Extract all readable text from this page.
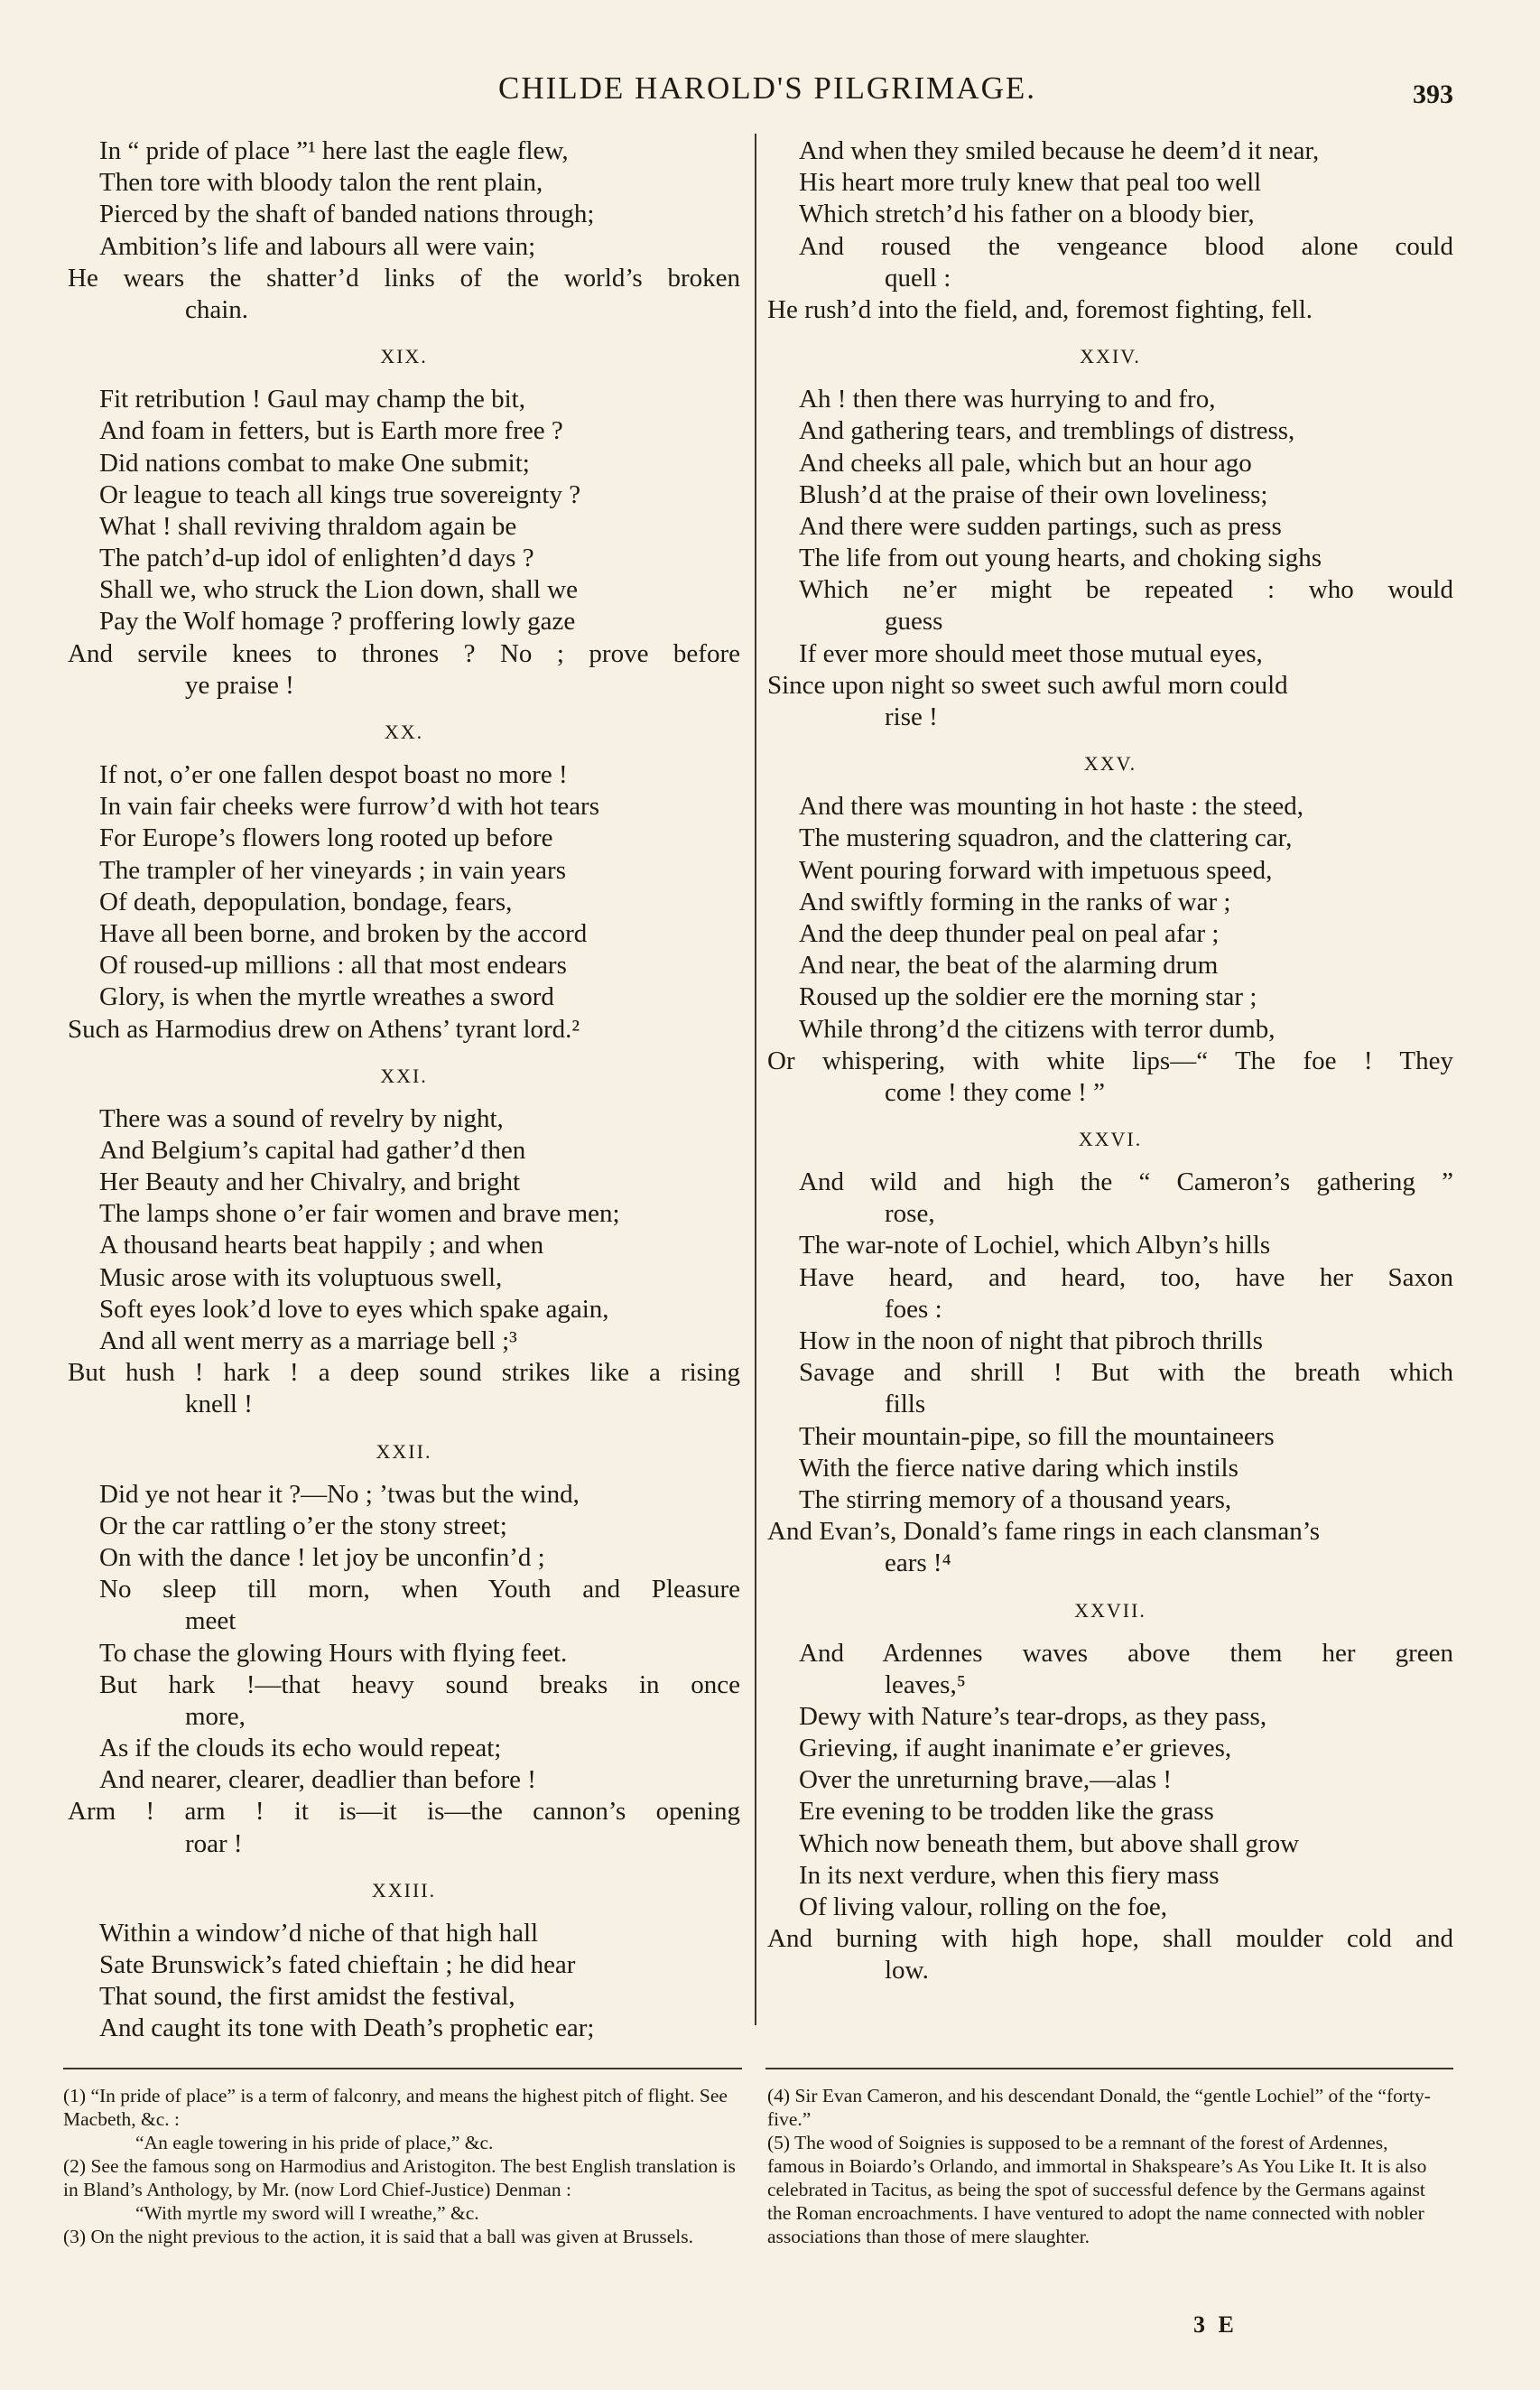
CHILDE HAROLD'S PILGRIMAGE.	393
In “ pride of place ”¹ here last the eagle flew,
Then tore with bloody talon the rent plain,
Pierced by the shaft of banded nations through;
Ambition’s life and labours all were vain;
He wears the shatter’d links of the world’s broken
chain.
XIX.
Fit retribution ! Gaul may champ the bit,
And foam in fetters, but is Earth more free ?
Did nations combat to make One submit;
Or league to teach all kings true sovereignty ?
What ! shall reviving thraldom again be
The patch’d-up idol of enlighten’d days ?
Shall we, who struck the Lion down, shall we
Pay the Wolf homage ? proffering lowly gaze
And servile knees to thrones ? No ; prove before
ye praise !
XX.
If not, o’er one fallen despot boast no more !
In vain fair cheeks were furrow’d with hot tears
For Europe’s flowers long rooted up before
The trampler of her vineyards ; in vain years
Of death, depopulation, bondage, fears,
Have all been borne, and broken by the accord
Of roused-up millions : all that most endears
Glory, is when the myrtle wreathes a sword
Such as Harmodius drew on Athens’ tyrant lord.²
XXI.
There was a sound of revelry by night,
And Belgium’s capital had gather’d then
Her Beauty and her Chivalry, and bright
The lamps shone o’er fair women and brave men;
A thousand hearts beat happily ; and when
Music arose with its voluptuous swell,
Soft eyes look’d love to eyes which spake again,
And all went merry as a marriage bell ;³
But hush ! hark ! a deep sound strikes like a rising
knell !
XXII.
Did ye not hear it ?—No ; ’twas but the wind,
Or the car rattling o’er the stony street;
On with the dance ! let joy be unconfin’d ;
No sleep till morn, when Youth and Pleasure
meet
To chase the glowing Hours with flying feet.
But hark !—that heavy sound breaks in once
more,
As if the clouds its echo would repeat;
And nearer, clearer, deadlier than before !
Arm ! arm ! it is—it is—the cannon’s opening
roar !
XXIII.
Within a window’d niche of that high hall
Sate Brunswick’s fated chieftain ; he did hear
That sound, the first amidst the festival,
And caught its tone with Death’s prophetic ear;
And when they smiled because he deem’d it near,
His heart more truly knew that peal too well
Which stretch’d his father on a bloody bier,
And roused the vengeance blood alone could
quell :
He rush’d into the field, and, foremost fighting, fell.
XXIV.
Ah ! then there was hurrying to and fro,
And gathering tears, and tremblings of distress,
And cheeks all pale, which but an hour ago
Blush’d at the praise of their own loveliness;
And there were sudden partings, such as press
The life from out young hearts, and choking sighs
Which ne’er might be repeated : who would
guess
If ever more should meet those mutual eyes,
Since upon night so sweet such awful morn could
rise !
XXV.
And there was mounting in hot haste : the steed,
The mustering squadron, and the clattering car,
Went pouring forward with impetuous speed,
And swiftly forming in the ranks of war ;
And the deep thunder peal on peal afar ;
And near, the beat of the alarming drum
Roused up the soldier ere the morning star ;
While throng’d the citizens with terror dumb,
Or whispering, with white lips—“ The foe ! They
come ! they come ! ”
XXVI.
And wild and high the “ Cameron’s gathering ”
rose,
The war-note of Lochiel, which Albyn’s hills
Have heard, and heard, too, have her Saxon
foes :
How in the noon of night that pibroch thrills
Savage and shrill ! But with the breath which
fills
Their mountain-pipe, so fill the mountaineers
With the fierce native daring which instils
The stirring memory of a thousand years,
And Evan’s, Donald’s fame rings in each clansman’s
ears !⁴
XXVII.
And Ardennes waves above them her green
leaves,⁵
Dewy with Nature’s tear-drops, as they pass,
Grieving, if aught inanimate e’er grieves,
Over the unreturning brave,—alas !
Ere evening to be trodden like the grass
Which now beneath them, but above shall grow
In its next verdure, when this fiery mass
Of living valour, rolling on the foe,
And burning with high hope, shall moulder cold and
low.

(1) “In pride of place” is a term of falconry, and means the highest pitch of flight. See Macbeth, &c. :

“An eagle towering in his pride of place,” &c.

(2) See the famous song on Harmodius and Aristogiton. The best English translation is in Bland’s Anthology, by Mr. (now Lord Chief-Justice) Denman :

“With myrtle my sword will I wreathe,” &c.

(3) On the night previous to the action, it is said that a ball was given at Brussels.

(4) Sir Evan Cameron, and his descendant Donald, the “gentle Lochiel” of the “forty-five.”

(5) The wood of Soignies is supposed to be a remnant of the forest of Ardennes, famous in Boiardo’s Orlando, and immortal in Shakspeare’s As You Like It. It is also celebrated in Tacitus, as being the spot of successful defence by the Germans against the Roman encroachments. I have ventured to adopt the name connected with nobler associations than those of mere slaughter.

3 E
